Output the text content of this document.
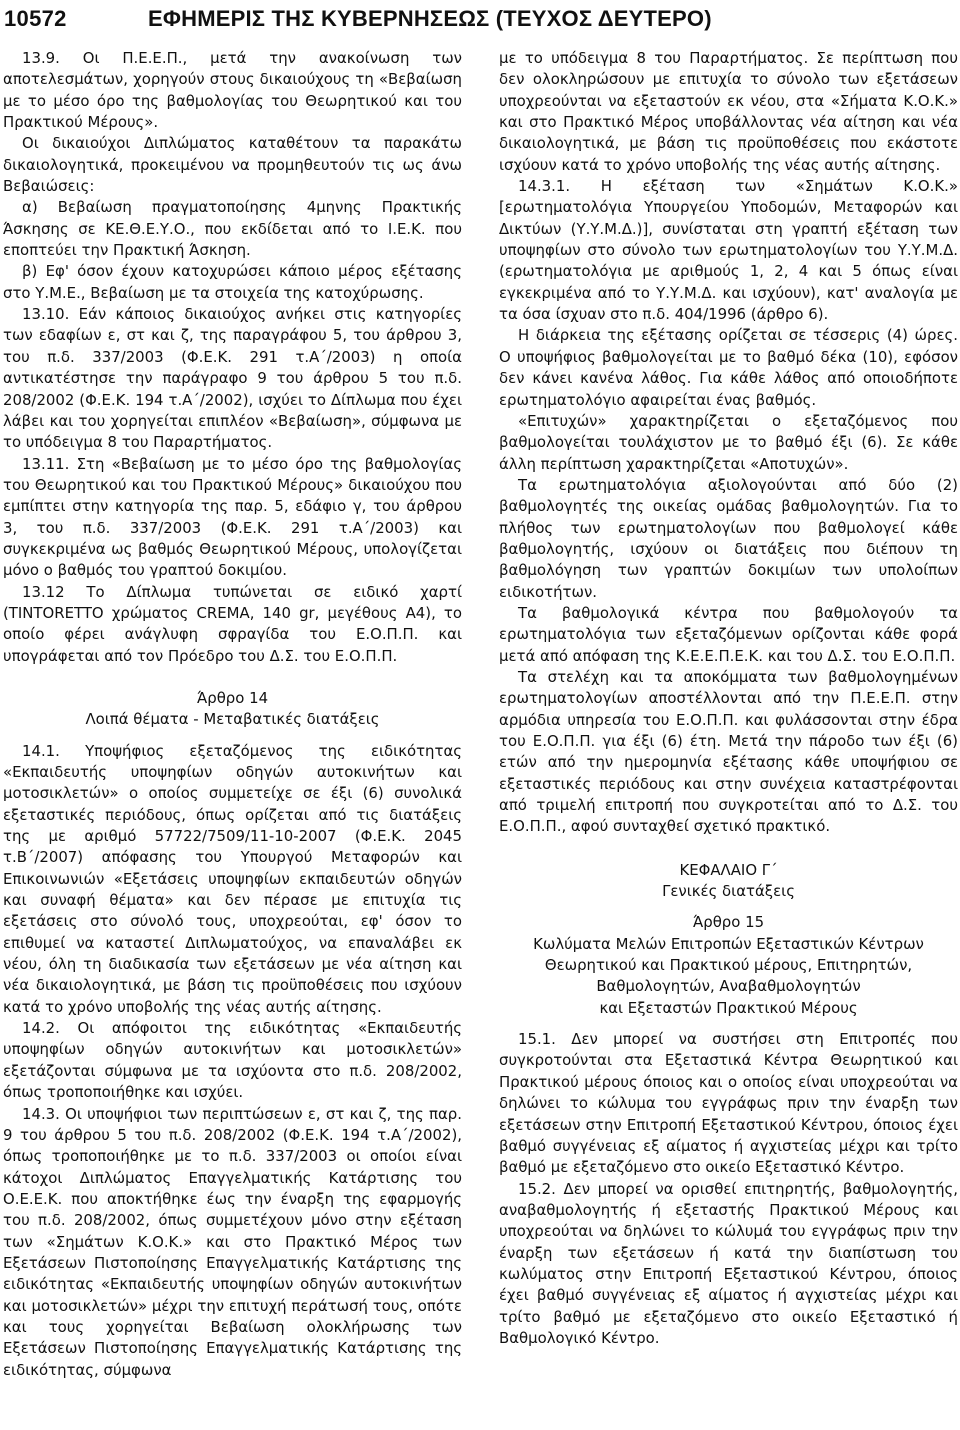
10572	ΕΦΗΜΕΡΙΣ ΤΗΣ ΚΥΒΕΡΝΗΣΕΩΣ (ΤΕΥΧΟΣ ΔΕΥΤΕΡΟ)

13.9. Οι Π.Ε.Ε.Π., μετά την ανακοίνωση των αποτελεσμάτων, χορηγούν στους δικαιούχους τη «Βεβαίωση με το μέσο όρο της βαθμολογίας του Θεωρητικού και του Πρακτικού Μέρους».

Οι δικαιούχοι Διπλώματος καταθέτουν τα παρακάτω δικαιολογητικά, προκειμένου να προμηθευτούν τις ως άνω Βεβαιώσεις:

α) Βεβαίωση πραγματοποίησης 4μηνης Πρακτικής Άσκησης σε ΚΕ.Θ.Ε.Υ.Ο., που εκδίδεται από το Ι.Ε.Κ. που εποπτεύει την Πρακτική Άσκηση.

β) Εφ' όσον έχουν κατοχυρώσει κάποιο μέρος εξέτασης στο Υ.Μ.Ε., Βεβαίωση με τα στοιχεία της κατοχύρωσης.

13.10. Εάν κάποιος δικαιούχος ανήκει στις κατηγορίες των εδαφίων ε, στ και ζ, της παραγράφου 5, του άρθρου 3, του π.δ. 337/2003 (Φ.Ε.Κ. 291 τ.Α΄/2003) η οποία αντικατέστησε την παράγραφο 9 του άρθρου 5 του π.δ. 208/2002 (Φ.Ε.Κ. 194 τ.Α΄/2002), ισχύει το Δίπλωμα που έχει λάβει και του χορηγείται επιπλέον «Βεβαίωση», σύμφωνα με το υπόδειγμα 8 του Παραρτήματος.

13.11. Στη «Βεβαίωση με το μέσο όρο της βαθμολογίας του Θεωρητικού και του Πρακτικού Μέρους» δικαιούχου που εμπίπτει στην κατηγορία της παρ. 5, εδάφιο γ, του άρθρου 3, του π.δ. 337/2003 (Φ.Ε.Κ. 291 τ.Α΄/2003) και συγκεκριμένα ως βαθμός Θεωρητικού Μέρους, υπολογίζεται μόνο ο βαθμός του γραπτού δοκιμίου.

13.12 Το Δίπλωμα τυπώνεται σε ειδικό χαρτί (TINTORETTO χρώματος CREMA, 140 gr, μεγέθους Α4), το οποίο φέρει ανάγλυφη σφραγίδα του Ε.Ο.Π.Π. και υπογράφεται από τον Πρόεδρο του Δ.Σ. του Ε.Ο.Π.Π.

Άρθρο 14

Λοιπά θέματα - Μεταβατικές διατάξεις

14.1. Υποψήφιος εξεταζόμενος της ειδικότητας «Εκπαιδευτής υποψηφίων οδηγών αυτοκινήτων και μοτοσικλετών» ο οποίος συμμετείχε σε έξι (6) συνολικά εξεταστικές περιόδους, όπως ορίζεται από τις διατάξεις της με αριθμό 57722/7509/11-10-2007 (Φ.Ε.Κ. 2045 τ.Β΄/2007) απόφασης του Υπουργού Μεταφορών και Επικοινωνιών «Εξετάσεις υποψηφίων εκπαιδευτών οδηγών και συναφή θέματα» και δεν πέρασε με επιτυχία τις εξετάσεις στο σύνολό τους, υποχρεούται, εφ' όσον το επιθυμεί να καταστεί Διπλωματούχος, να επαναλάβει εκ νέου, όλη τη διαδικασία των εξετάσεων με νέα αίτηση και νέα δικαιολογητικά, με βάση τις προϋποθέσεις που ισχύουν κατά το χρόνο υποβολής της νέας αυτής αίτησης.

14.2. Οι απόφοιτοι της ειδικότητας «Εκπαιδευτής υποψηφίων οδηγών αυτοκινήτων και μοτοσικλετών» εξετάζονται σύμφωνα με τα ισχύοντα στο π.δ. 208/2002, όπως τροποποιήθηκε και ισχύει.

14.3. Οι υποψήφιοι των περιπτώσεων ε, στ και ζ, της παρ. 9 του άρθρου 5 του π.δ. 208/2002 (Φ.Ε.Κ. 194 τ.Α΄/2002), όπως τροποποιήθηκε με το π.δ. 337/2003 οι οποίοι είναι κάτοχοι Διπλώματος Επαγγελματικής Κατάρτισης του Ο.Ε.Ε.Κ. που αποκτήθηκε έως την έναρξη της εφαρμογής του π.δ. 208/2002, όπως συμμετέχουν μόνο στην εξέταση των «Σημάτων Κ.Ο.Κ.» και στο Πρακτικό Μέρος των Εξετάσεων Πιστοποίησης Επαγγελματικής Κατάρτισης της ειδικότητας «Εκπαιδευτής υποψηφίων οδηγών αυτοκινήτων και μοτοσικλετών» μέχρι την επιτυχή περάτωσή τους, οπότε και τους χορηγείται Βεβαίωση ολοκλήρωσης των Εξετάσεων Πιστοποίησης Επαγγελματικής Κατάρτισης της ειδικότητας, σύμφωνα

με το υπόδειγμα 8 του Παραρτήματος. Σε περίπτωση που δεν ολοκληρώσουν με επιτυχία το σύνολο των εξετάσεων υποχρεούνται να εξεταστούν εκ νέου, στα «Σήματα Κ.Ο.Κ.» και στο Πρακτικό Μέρος υποβάλλοντας νέα αίτηση και νέα δικαιολογητικά, με βάση τις προϋποθέσεις που εκάστοτε ισχύουν κατά το χρόνο υποβολής της νέας αυτής αίτησης.

14.3.1. Η εξέταση των «Σημάτων Κ.Ο.Κ.» [ερωτηματολόγια Υπουργείου Υποδομών, Μεταφορών και Δικτύων (Υ.Υ.Μ.Δ.)], συνίσταται στη γραπτή εξέταση των υποψηφίων στο σύνολο των ερωτηματολογίων του Υ.Υ.Μ.Δ. (ερωτηματολόγια με αριθμούς 1, 2, 4 και 5 όπως είναι εγκεκριμένα από το Υ.Υ.Μ.Δ. και ισχύουν), κατ' αναλογία με τα όσα ίσχυαν στο π.δ. 404/1996 (άρθρο 6).

Η διάρκεια της εξέτασης ορίζεται σε τέσσερις (4) ώρες. Ο υποψήφιος βαθμολογείται με το βαθμό δέκα (10), εφόσον δεν κάνει κανένα λάθος. Για κάθε λάθος από οποιοδήποτε ερωτηματολόγιο αφαιρείται ένας βαθμός.

«Επιτυχών» χαρακτηρίζεται ο εξεταζόμενος που βαθμολογείται τουλάχιστον με το βαθμό έξι (6). Σε κάθε άλλη περίπτωση χαρακτηρίζεται «Αποτυχών».

Τα ερωτηματολόγια αξιολογούνται από δύο (2) βαθμολογητές της οικείας ομάδας βαθμολογητών. Για το πλήθος των ερωτηματολογίων που βαθμολογεί κάθε βαθμολογητής, ισχύουν οι διατάξεις που διέπουν τη βαθμολόγηση των γραπτών δοκιμίων των υπολοίπων ειδικοτήτων.

Τα βαθμολογικά κέντρα που βαθμολογούν τα ερωτηματολόγια των εξεταζόμενων ορίζονται κάθε φορά μετά από απόφαση της Κ.Ε.Ε.Π.Ε.Κ. και του Δ.Σ. του Ε.Ο.Π.Π.

Τα στελέχη και τα αποκόμματα των βαθμολογημένων ερωτηματολογίων αποστέλλονται από την Π.Ε.Ε.Π. στην αρμόδια υπηρεσία του Ε.Ο.Π.Π. και φυλάσσονται στην έδρα του Ε.Ο.Π.Π. για έξι (6) έτη. Μετά την πάροδο των έξι (6) ετών από την ημερομηνία εξέτασης κάθε υποψήφιου σε εξεταστικές περιόδους και στην συνέχεια καταστρέφονται από τριμελή επιτροπή που συγκροτείται από το Δ.Σ. του Ε.Ο.Π.Π., αφού συνταχθεί σχετικό πρακτικό.

ΚΕΦΑΛΑΙΟ Γ΄

Γενικές διατάξεις

Άρθρο 15

Κωλύματα Μελών Επιτροπών Εξεταστικών Κέντρων

Θεωρητικού και Πρακτικού μέρους, Επιτηρητών,

Βαθμολογητών, Αναβαθμολογητών

και Εξεταστών Πρακτικού Μέρους

15.1. Δεν μπορεί να συστήσει στη Επιτροπές που συγκροτούνται στα Εξεταστικά Κέντρα Θεωρητικού και Πρακτικού μέρους όποιος και ο οποίος είναι υποχρεούται να δηλώνει το κώλυμα του εγγράφως πριν την έναρξη των εξετάσεων στην Επιτροπή Εξεταστικού Κέντρου, όποιος έχει βαθμό συγγένειας εξ αίματος ή αγχιστείας μέχρι και τρίτο βαθμό με εξεταζόμενο στο οικείο Εξεταστικό Κέντρο.

15.2. Δεν μπορεί να ορισθεί επιτηρητής, βαθμολογητής, αναβαθμολογητής ή εξεταστής Πρακτικού Μέρους και υποχρεούται να δηλώνει το κώλυμά του εγγράφως πριν την έναρξη των εξετάσεων ή κατά την διαπίστωση του κωλύματος στην Επιτροπή Εξεταστικού Κέντρου, όποιος έχει βαθμό συγγένειας εξ αίματος ή αγχιστείας μέχρι και τρίτο βαθμό με εξεταζόμενο στο οικείο Εξεταστικό ή Βαθμολογικό Κέντρο.
